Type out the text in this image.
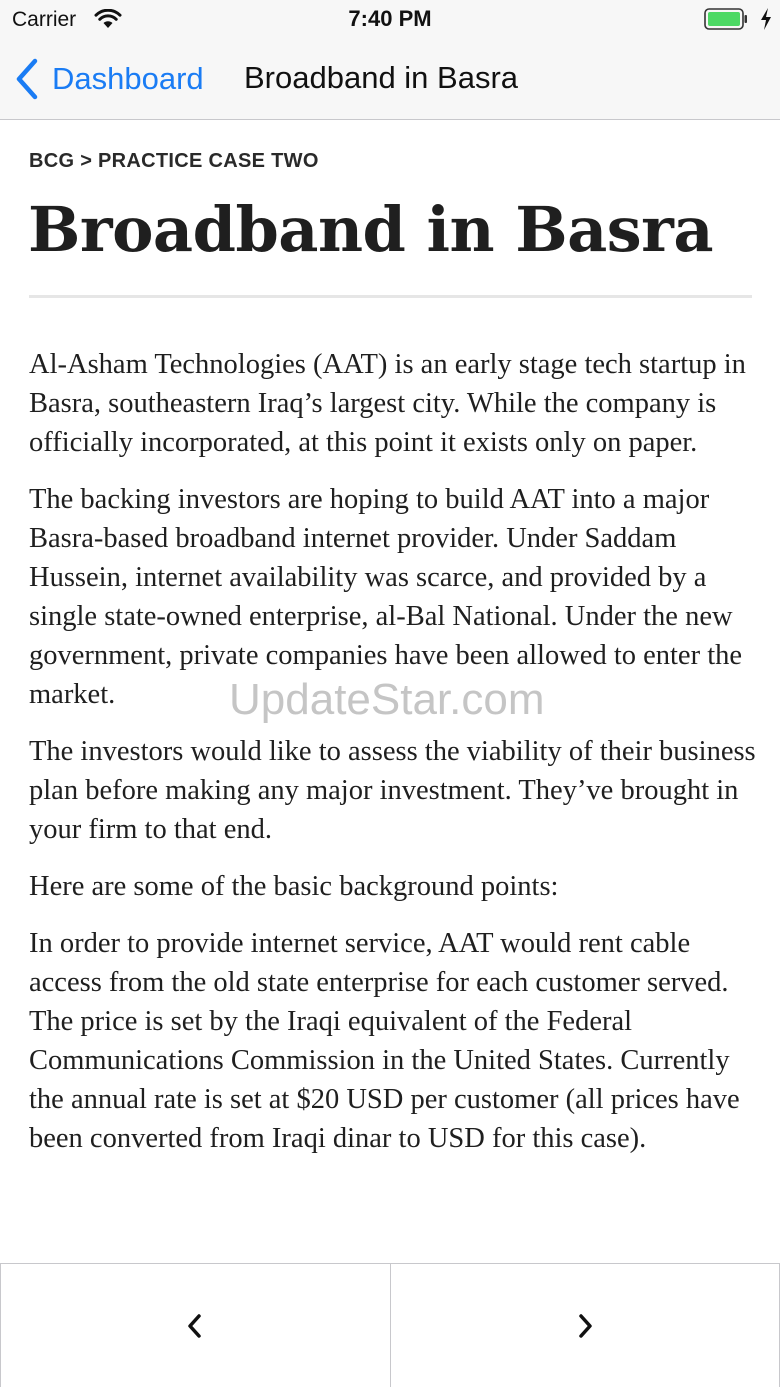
Carrier	7:40 PM
Dashboard Broadband in Basra
BCG > PRACTICE CASE TWO
Broadband in Basra

Al-Asham Technologies (AAT) is an early stage tech startup in Basra, southeastern Iraq’s largest city. While the company is officially incorporated, at this point it exists only on paper.

The backing investors are hoping to build AAT into a major Basra-based broadband internet provider. Under Saddam Hussein, internet availability was scarce, and provided by a single state-owned enterprise, al-Bal National. Under the new government, private companies have been allowed to enter the market.

The investors would like to assess the viability of their business plan before making any major investment. They’ve brought in your firm to that end.

Here are some of the basic background points:

In order to provide internet service, AAT would rent cable access from the old state enterprise for each customer served. The price is set by the Iraqi equivalent of the Federal Communications Commission in the United States. Currently the annual rate is set at $20 USD per customer (all prices have been converted from Iraqi dinar to USD for this case).

UpdateStar.com
